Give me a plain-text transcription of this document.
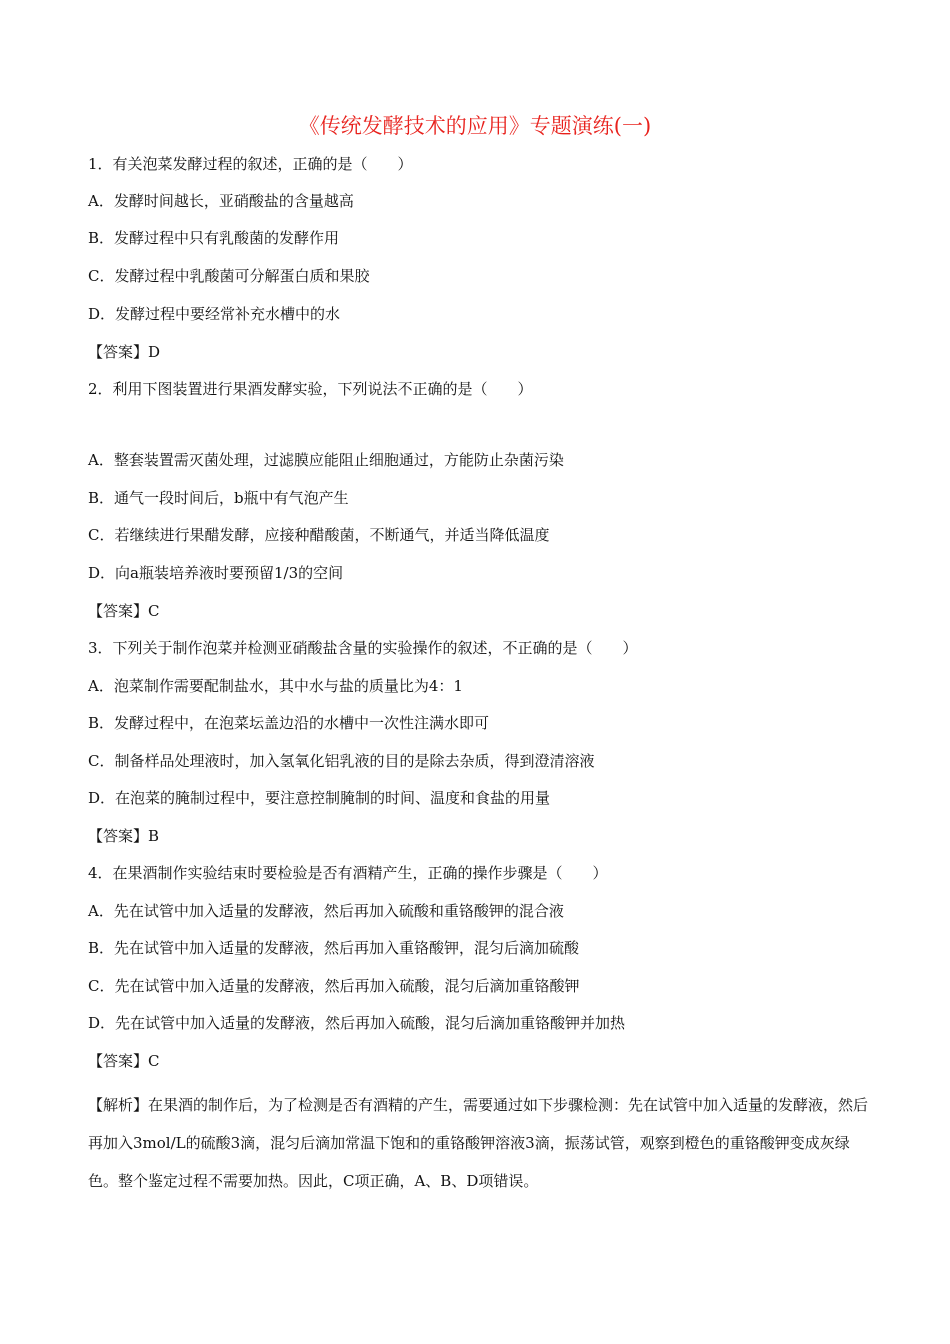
《传统发酵技术的应用》专题演练(一)
1．有关泡菜发酵过程的叙述，正确的是（　　）
A．发酵时间越长，亚硝酸盐的含量越高
B．发酵过程中只有乳酸菌的发酵作用
C．发酵过程中乳酸菌可分解蛋白质和果胶
D．发酵过程中要经常补充水槽中的水
【答案】D
2．利用下图装置进行果酒发酵实验，下列说法不正确的是（　　）
A．整套装置需灭菌处理，过滤膜应能阻止细胞通过，方能防止杂菌污染
B．通气一段时间后，b瓶中有气泡产生
C．若继续进行果醋发酵，应接种醋酸菌，不断通气，并适当降低温度
D．向a瓶装培养液时要预留1/3的空间
【答案】C
3．下列关于制作泡菜并检测亚硝酸盐含量的实验操作的叙述，不正确的是（　　）
A．泡菜制作需要配制盐水，其中水与盐的质量比为4：1
B．发酵过程中，在泡菜坛盖边沿的水槽中一次性注满水即可
C．制备样品处理液时，加入氢氧化铝乳液的目的是除去杂质，得到澄清溶液
D．在泡菜的腌制过程中，要注意控制腌制的时间、温度和食盐的用量
【答案】B
4．在果酒制作实验结束时要检验是否有酒精产生，正确的操作步骤是（　　）
A．先在试管中加入适量的发酵液，然后再加入硫酸和重铬酸钾的混合液
B．先在试管中加入适量的发酵液，然后再加入重铬酸钾，混匀后滴加硫酸
C．先在试管中加入适量的发酵液，然后再加入硫酸，混匀后滴加重铬酸钾
D．先在试管中加入适量的发酵液，然后再加入硫酸，混匀后滴加重铬酸钾并加热
【答案】C
【解析】在果酒的制作后，为了检测是否有酒精的产生，需要通过如下步骤检测：先在试管中加入适量的发酵液，然后再加入3mol/L的硫酸3滴，混匀后滴加常温下饱和的重铬酸钾溶液3滴，振荡试管，观察到橙色的重铬酸钾变成灰绿色。整个鉴定过程不需要加热。因此，C项正确，A、B、D项错误。
